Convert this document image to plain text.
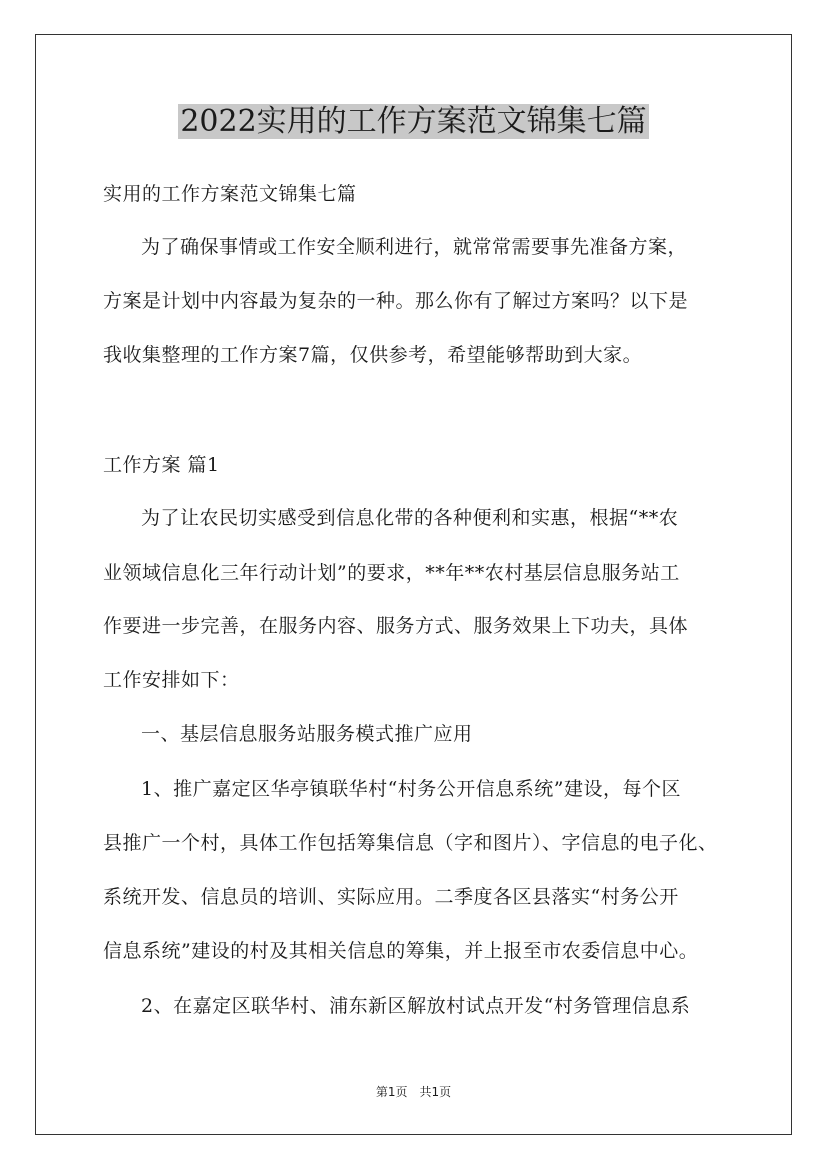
2022实用的工作方案范文锦集七篇
实用的工作方案范文锦集七篇
为了确保事情或工作安全顺利进行，就常常需要事先准备方案，
方案是计划中内容最为复杂的一种。那么你有了解过方案吗？以下是
我收集整理的工作方案7篇，仅供参考，希望能够帮助到大家。
工作方案 篇1
为了让农民切实感受到信息化带的各种便利和实惠，根据“**农
业领域信息化三年行动计划”的要求，**年**农村基层信息服务站工
作要进一步完善，在服务内容、服务方式、服务效果上下功夫，具体
工作安排如下：
一、基层信息服务站服务模式推广应用
1、推广嘉定区华亭镇联华村“村务公开信息系统”建设，每个区
县推广一个村，具体工作包括筹集信息（字和图片）、字信息的电子化、
系统开发、信息员的培训、实际应用。二季度各区县落实“村务公开
信息系统”建设的村及其相关信息的筹集，并上报至市农委信息中心。
2、在嘉定区联华村、浦东新区解放村试点开发“村务管理信息系
第1页　共1页
